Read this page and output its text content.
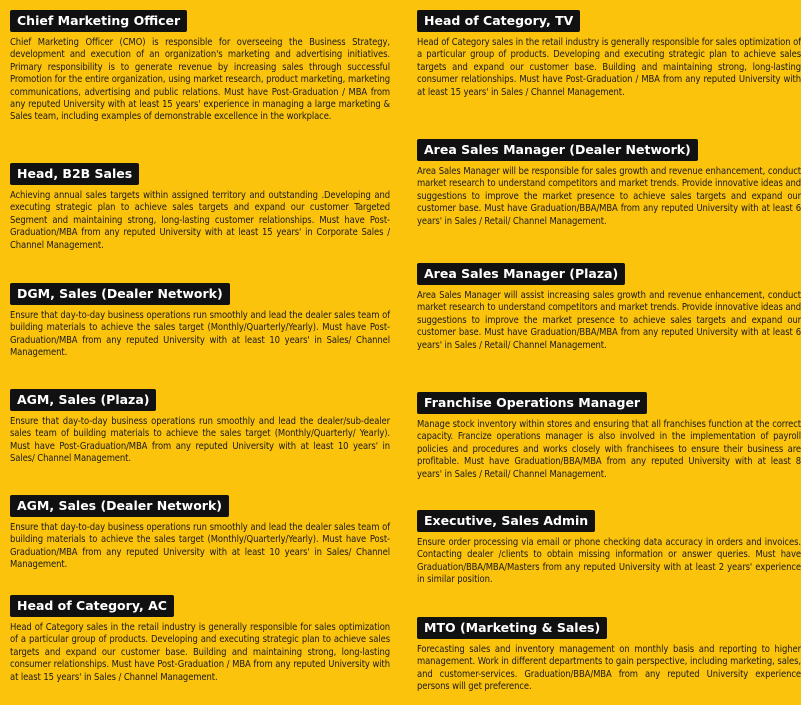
Chief Marketing Officer

Chief Marketing Officer (CMO) is responsible for overseeing the Business Strategy, development and execution of an organization's marketing and advertising initiatives. Primary responsibility is to generate revenue by increasing sales through successful Promotion for the entire organization, using market research, product marketing, marketing communications, advertising and public relations. Must have Post-Graduation / MBA from any reputed University with at least 15 years' experience in managing a large marketing & Sales team, including examples of demonstrable excellence in the workplace.

Head, B2B Sales

Achieving annual sales targets within assigned territory and outstanding .Developing and executing strategic plan to achieve sales targets and expand our customer Targeted Segment and maintaining strong, long-lasting customer relationships. Must have Post-Graduation/MBA from any reputed University with at least 15 years' in Corporate Sales / Channel Management.

DGM, Sales (Dealer Network)

Ensure that day-to-day business operations run smoothly and lead the dealer sales team of building materials to achieve the sales target (Monthly/Quarterly/Yearly). Must have Post-Graduation/MBA from any reputed University with at least 10 years' in Sales/ Channel Management.

AGM, Sales (Plaza)

Ensure that day-to-day business operations run smoothly and lead the dealer/sub-dealer sales team of building materials to achieve the sales target (Monthly/Quarterly/ Yearly). Must have Post-Graduation/MBA from any reputed University with at least 10 years' in Sales/ Channel Management.

AGM, Sales (Dealer Network)

Ensure that day-to-day business operations run smoothly and lead the dealer sales team of building materials to achieve the sales target (Monthly/Quarterly/Yearly). Must have Post-Graduation/MBA from any reputed University with at least 10 years' in Sales/ Channel Management.

Head of Category, AC

Head of Category sales in the retail industry is generally responsible for sales optimization of a particular group of products. Developing and executing strategic plan to achieve sales targets and expand our customer base. Building and maintaining strong, long-lasting consumer relationships. Must have Post-Graduation / MBA from any reputed University with at least 15 years' in Sales / Channel Management.

Head of Category, TV

Head of Category sales in the retail industry is generally responsible for sales optimization of a particular group of products. Developing and executing strategic plan to achieve sales targets and expand our customer base. Building and maintaining strong, long-lasting consumer relationships. Must have Post-Graduation / MBA from any reputed University with at least 15 years' in Sales / Channel Management.

Area Sales Manager (Dealer Network)

Area Sales Manager will be responsible for sales growth and revenue enhancement, conduct market research to understand competitors and market trends. Provide innovative ideas and suggestions to improve the market presence to achieve sales targets and expand our customer base. Must have Graduation/BBA/MBA from any reputed University with at least 6 years' in Sales / Retail/ Channel Management.

Area Sales Manager (Plaza)

Area Sales Manager will assist increasing sales growth and revenue enhancement, conduct market research to understand competitors and market trends. Provide innovative ideas and suggestions to improve the market presence to achieve sales targets and expand our customer base. Must have Graduation/BBA/MBA from any reputed University with at least 6 years' in Sales / Retail/ Channel Management.

Franchise Operations Manager

Manage stock inventory within stores and ensuring that all franchises function at the correct capacity. Francize operations manager is also involved in the implementation of payroll policies and procedures and works closely with franchisees to ensure their business are profitable. Must have Graduation/BBA/MBA from any reputed University with at least 8 years' in Sales / Retail/ Channel Management.

Executive, Sales Admin

Ensure order processing via email or phone checking data accuracy in orders and invoices. Contacting dealer /clients to obtain missing information or answer queries. Must have Graduation/BBA/MBA/Masters from any reputed University with at least 2 years' experience in similar position.

MTO (Marketing & Sales)

Forecasting sales and inventory management on monthly basis and reporting to higher management. Work in different departments to gain perspective, including marketing, sales, and customer-services. Graduation/BBA/MBA from any reputed University experience persons will get preference.
